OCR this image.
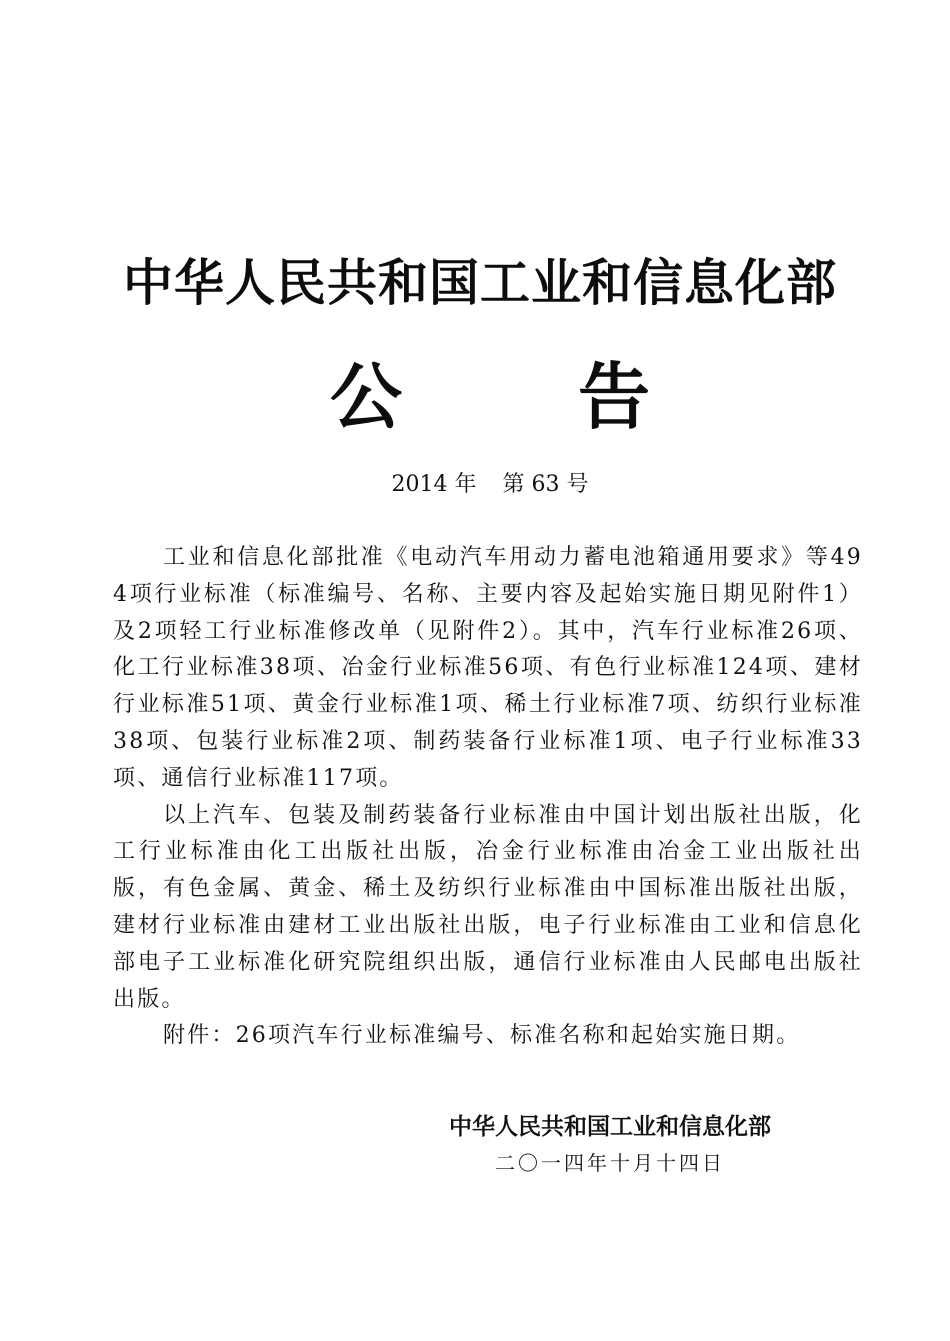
中华人民共和国工业和信息化部
公 告
2014 年 第 63 号

工业和信息化部批准《电动汽车用动力蓄电池箱通用要求》等494项行业标准（标准编号、名称、主要内容及起始实施日期见附件1）及2项轻工行业标准修改单（见附件2）。其中，汽车行业标准26项、化工行业标准38项、冶金行业标准56项、有色行业标准124项、建材行业标准51项、黄金行业标准1项、稀土行业标准7项、纺织行业标准38项、包装行业标准2项、制药装备行业标准1项、电子行业标准33项、通信行业标准117项。

以上汽车、包装及制药装备行业标准由中国计划出版社出版，化工行业标准由化工出版社出版，冶金行业标准由冶金工业出版社出版，有色金属、黄金、稀土及纺织行业标准由中国标准出版社出版，建材行业标准由建材工业出版社出版，电子行业标准由工业和信息化部电子工业标准化研究院组织出版，通信行业标准由人民邮电出版社出版。

附件：26项汽车行业标准编号、标准名称和起始实施日期。

中华人民共和国工业和信息化部
二〇一四年十月十四日
